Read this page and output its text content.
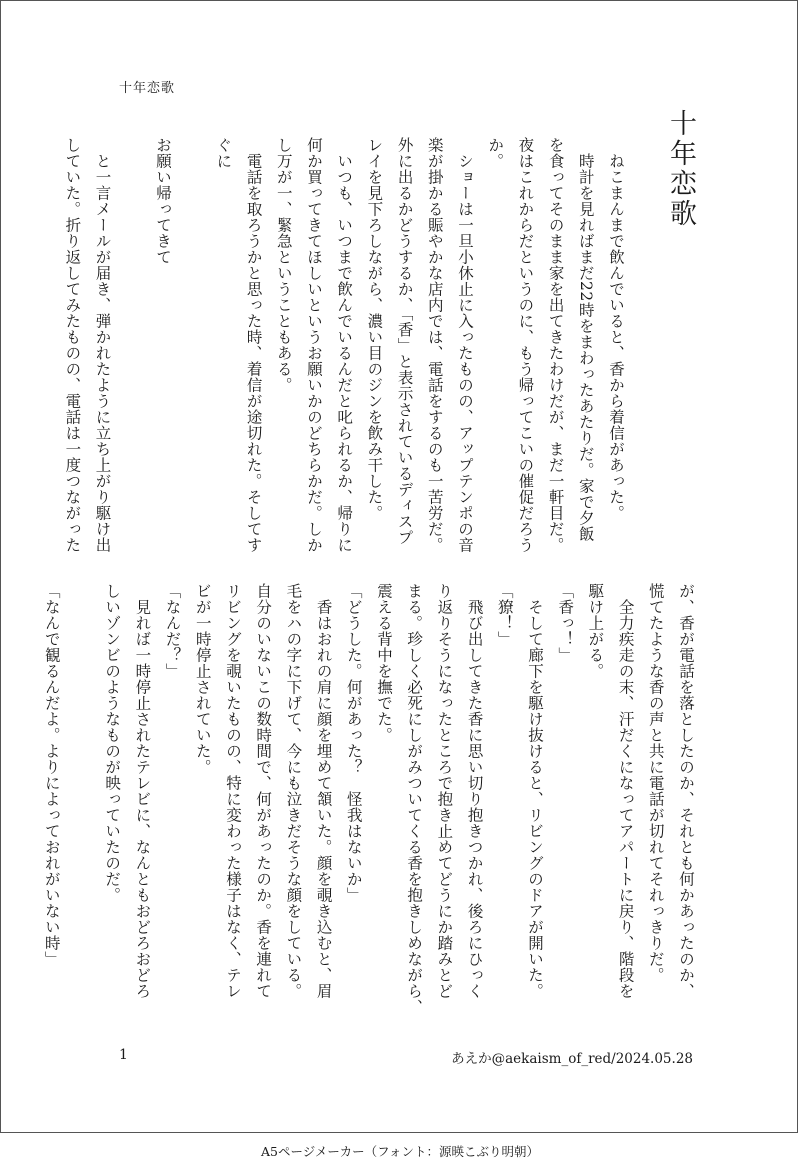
十年恋歌
十年恋歌

　ねこまんまで飲んでいると、香から着信があった。

　時計を見ればまだ22時をまわったあたりだ。家で夕飯

を食ってそのまま家を出てきたわけだが、まだ一軒目だ。

夜はこれからだというのに、もう帰ってこいの催促だろう

か。

　ショーは一旦小休止に入ったものの、アップテンポの音

楽が掛かる賑やかな店内では、電話をするのも一苦労だ。

外に出るかどうするか、「香」と表示されているディスプ

レイを見下ろしながら、濃い目のジンを飲み干した。

　いつも、いつまで飲んでいるんだと叱られるか、帰りに

何か買ってきてほしいというお願いかのどちらかだ。しか

し万が一、緊急ということもある。

　電話を取ろうかと思った時、着信が途切れた。そしてす

ぐに

お願い帰ってきて

　と一言メールが届き、弾かれたように立ち上がり駆け出

していた。折り返してみたものの、電話は一度つながった

が、香が電話を落としたのか、それとも何かあったのか、

慌てたような香の声と共に電話が切れてそれっきりだ。

　全力疾走の末、汗だくになってアパートに戻り、階段を

駆け上がる。

「香っ！」

　そして廊下を駆け抜けると、リビングのドアが開いた。

「獠！」

　飛び出してきた香に思い切り抱きつかれ、後ろにひっく

り返りそうになったところで抱き止めてどうにか踏みとど

まる。珍しく必死にしがみついてくる香を抱きしめながら、

震える背中を撫でた。

「どうした。何があった？　怪我はないか」

　香はおれの肩に顔を埋めて頷いた。顔を覗き込むと、眉

毛をハの字に下げて、今にも泣きだそうな顔をしている。

自分のいないこの数時間で、何があったのか。香を連れて

リビングを覗いたものの、特に変わった様子はなく、テレ

ビが一時停止されていた。

「なんだ？」

　見れば一時停止されたテレビに、なんともおどろおどろ

しいゾンビのようなものが映っていたのだ。

「なんで観るんだよ。よりによっておれがいない時」

1	あえか@aekaism_of_red/2024.05.28
A5ページメーカー（フォント：源暎こぶり明朝）
